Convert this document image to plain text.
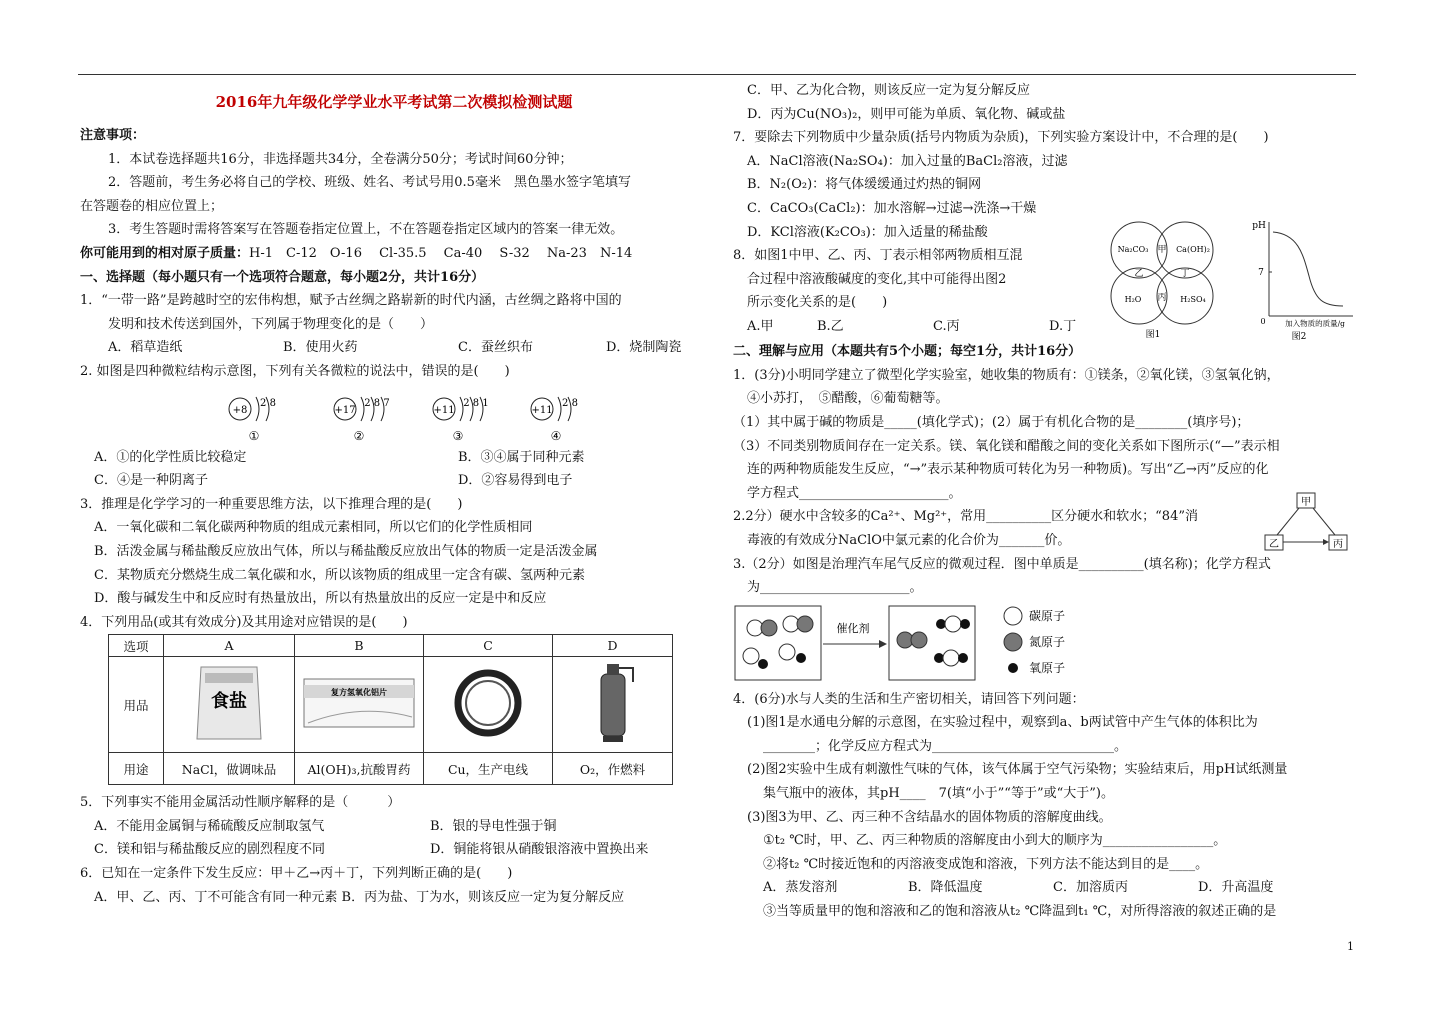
2016年九年级化学学业水平考试第二次模拟检测试题
注意事项：
1．本试卷选择题共16分，非选择题共34分，全卷满分50分；考试时间60分钟；
2．答题前，考生务必将自己的学校、班级、姓名、考试号用0.5毫米　黑色墨水签字笔填写
在答题卷的相应位置上；
3．考生答题时需将答案写在答题卷指定位置上，不在答题卷指定区域内的答案一律无效。
你可能用到的相对原子质量：H-1　C-12　O-16　 Cl-35.5　 Ca-40　 S-32　 Na-23　N-14
一、选择题（每小题只有一个选项符合题意，每小题2分，共计16分）
1．“一带一路”是跨越时空的宏伟构想，赋予古丝绸之路崭新的时代内涵，古丝绸之路将中国的
发明和技术传送到国外，下列属于物理变化的是（　　）
A．稻草造纸	B．使用火药	C．蚕丝织布	D．烧制陶瓷
2. 如图是四种微粒结构示意图，下列有关各微粒的说法中，错误的是(　　)
+8
2 8
①
+17
2 8 7
②
+11
2 8 1
③
+11
2 8
④
A．①的化学性质比较稳定	B．③④属于同种元素
C．④是一种阴离子	D．②容易得到电子
3．推理是化学学习的一种重要思维方法，以下推理合理的是(　　)
A．一氧化碳和二氧化碳两种物质的组成元素相同，所以它们的化学性质相同
B．活泼金属与稀盐酸反应放出气体，所以与稀盐酸反应放出气体的物质一定是活泼金属
C．某物质充分燃烧生成二氧化碳和水，所以该物质的组成里一定含有碳、氢两种元素
D．酸与碱发生中和反应时有热量放出，所以有热量放出的反应一定是中和反应
4．下列用品(或其有效成分)及其用途对应错误的是(　　)
选项	A	B	C	D
用品	食盐	复方氢氧化铝片

用途	NaCl，做调味品	Al(OH)₃,抗酸胃药	Cu，生产电线	O₂，作燃料
5．下列事实不能用金属活动性顺序解释的是（　　　）
A．不能用金属铜与稀硫酸反应制取氢气	B．银的导电性强于铜
C．镁和铝与稀盐酸反应的剧烈程度不同	D．铜能将银从硝酸银溶液中置换出来
6．已知在一定条件下发生反应：甲＋乙→丙＋丁，下列判断正确的是(　　)
A．甲、乙、丙、丁不可能含有同一种元素 B．丙为盐、丁为水，则该反应一定为复分解反应
C．甲、乙为化合物，则该反应一定为复分解反应
D．丙为Cu(NO₃)₂，则甲可能为单质、氧化物、碱或盐
7．要除去下列物质中少量杂质(括号内物质为杂质)，下列实验方案设计中，不合理的是(　　)
A．NaCl溶液(Na₂SO₄)：加入过量的BaCl₂溶液，过滤
B．N₂(O₂)：将气体缓缓通过灼热的铜网
C．CaCO₃(CaCl₂)：加水溶解→过滤→洗涤→干燥
D．KCl溶液(K₂CO₃)：加入适量的稀盐酸
8．如图1中甲、乙、丙、丁表示相邻两物质相互混
合过程中溶液酸碱度的变化,其中可能得出图2
所示变化关系的是(　　)
A.甲	B.乙	C.丙	D.丁
Na₂CO₃	Ca(OH)₂
H₂O	H₂SO₄
甲
乙	丁
丙
图1
pH
7
0	加入物质的质量/g
图2
二、理解与应用（本题共有5个小题；每空1分，共计16分）
1．(3分)小明同学建立了微型化学实验室，她收集的物质有：①镁条，②氧化镁，③氢氧化钠，
④小苏打，　⑤醋酸，⑥葡萄糖等。
（1）其中属于碱的物质是_____(填化学式)；(2）属于有机化合物的是________(填序号)；
（3）不同类别物质间存在一定关系。镁、氧化镁和醋酸之间的变化关系如下图所示(“—”表示相
连的两种物质能发生反应，“→”表示某种物质可转化为另一种物质)。写出“乙→丙”反应的化
学方程式_______________________。
2.2分）硬水中含较多的Ca²⁺、Mg²⁺，常用__________区分硬水和软水；“84”消
毒液的有效成分NaClO中氯元素的化合价为_______价。
甲
乙	丙
3.（2分）如图是治理汽车尾气反应的微观过程．图中单质是__________(填名称)；化学方程式
为_______________________。
催化剂
碳原子
氮原子
氧原子
4．(6分)水与人类的生活和生产密切相关，请回答下列问题：
(1)图1是水通电分解的示意图，在实验过程中，观察到a、b两试管中产生气体的体积比为
________；化学反应方程式为____________________________。
(2)图2实验中生成有刺激性气味的气体，该气体属于空气污染物；实验结束后，用pH试纸测量
集气瓶中的液体，其pH____　7(填“小于”“等于”或“大于”)。
(3)图3为甲、乙、丙三种不含结晶水的固体物质的溶解度曲线。
①t₂ ℃时，甲、乙、丙三种物质的溶解度由小到大的顺序为_________________。
②将t₂ ℃时接近饱和的丙溶液变成饱和溶液，下列方法不能达到目的是____。
A．蒸发溶剂	B．降低温度	C．加溶质丙	D．升高温度
③当等质量甲的饱和溶液和乙的饱和溶液从t₂ ℃降温到t₁ ℃，对所得溶液的叙述正确的是
1
